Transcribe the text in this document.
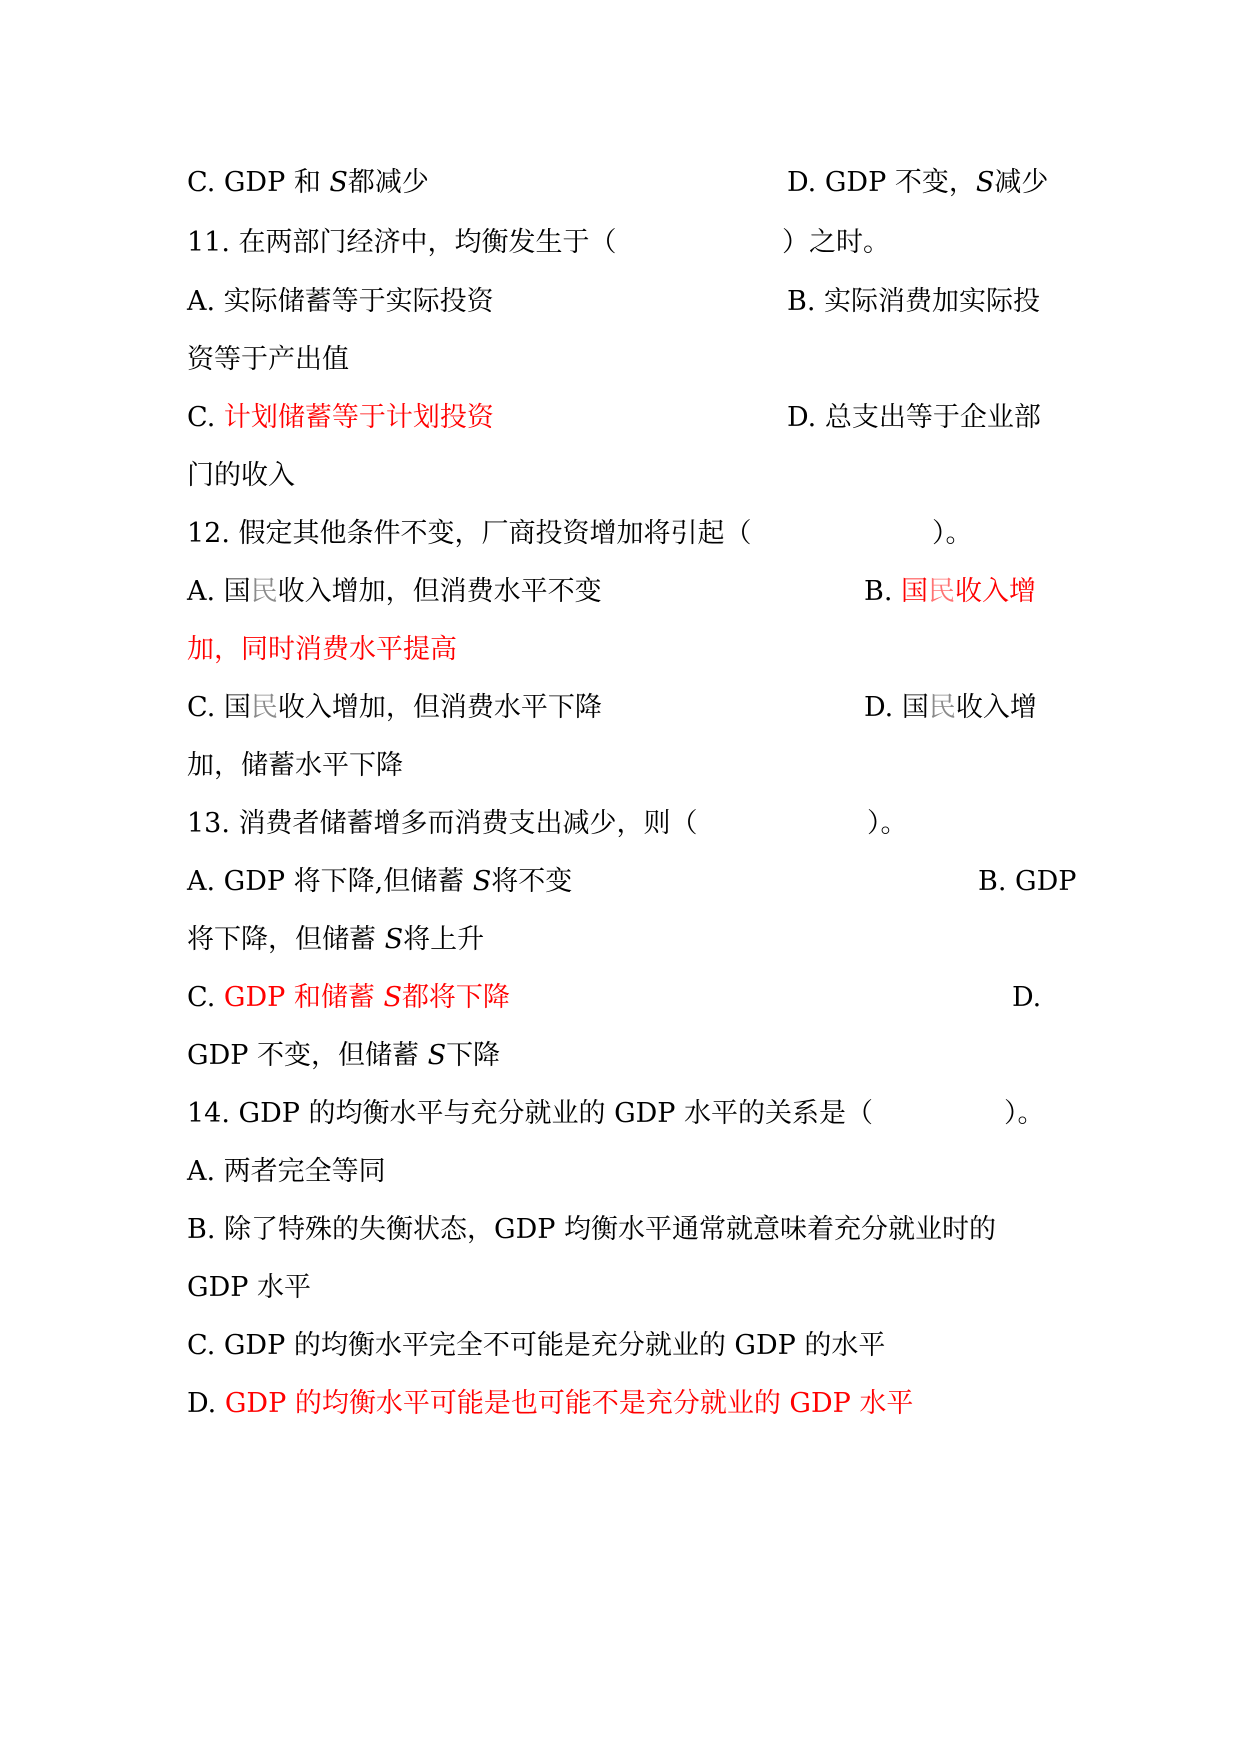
C. GDP 和 S都减少	D. GDP 不变，S减少
11. 在两部门经济中，均衡发生于（	）之时。
A. 实际储蓄等于实际投资	B. 实际消费加实际投
资等于产出值
C. 计划储蓄等于计划投资	D. 总支出等于企业部
门的收入
12. 假定其他条件不变，厂商投资增加将引起（	）。
A. 国民收入增加，但消费水平不变	B. 国民收入增
加，同时消费水平提高
C. 国民收入增加，但消费水平下降	D. 国民收入增
加，储蓄水平下降
13. 消费者储蓄增多而消费支出减少，则（	）。
A. GDP 将下降,但储蓄 S将不变	B. GDP
将下降，但储蓄 S将上升
C. GDP 和储蓄 S都将下降	D.
GDP 不变，但储蓄 S下降
14. GDP 的均衡水平与充分就业的 GDP 水平的关系是（	）。
A. 两者完全等同
B. 除了特殊的失衡状态，GDP 均衡水平通常就意味着充分就业时的
GDP 水平
C. GDP 的均衡水平完全不可能是充分就业的 GDP 的水平
D. GDP 的均衡水平可能是也可能不是充分就业的 GDP 水平
